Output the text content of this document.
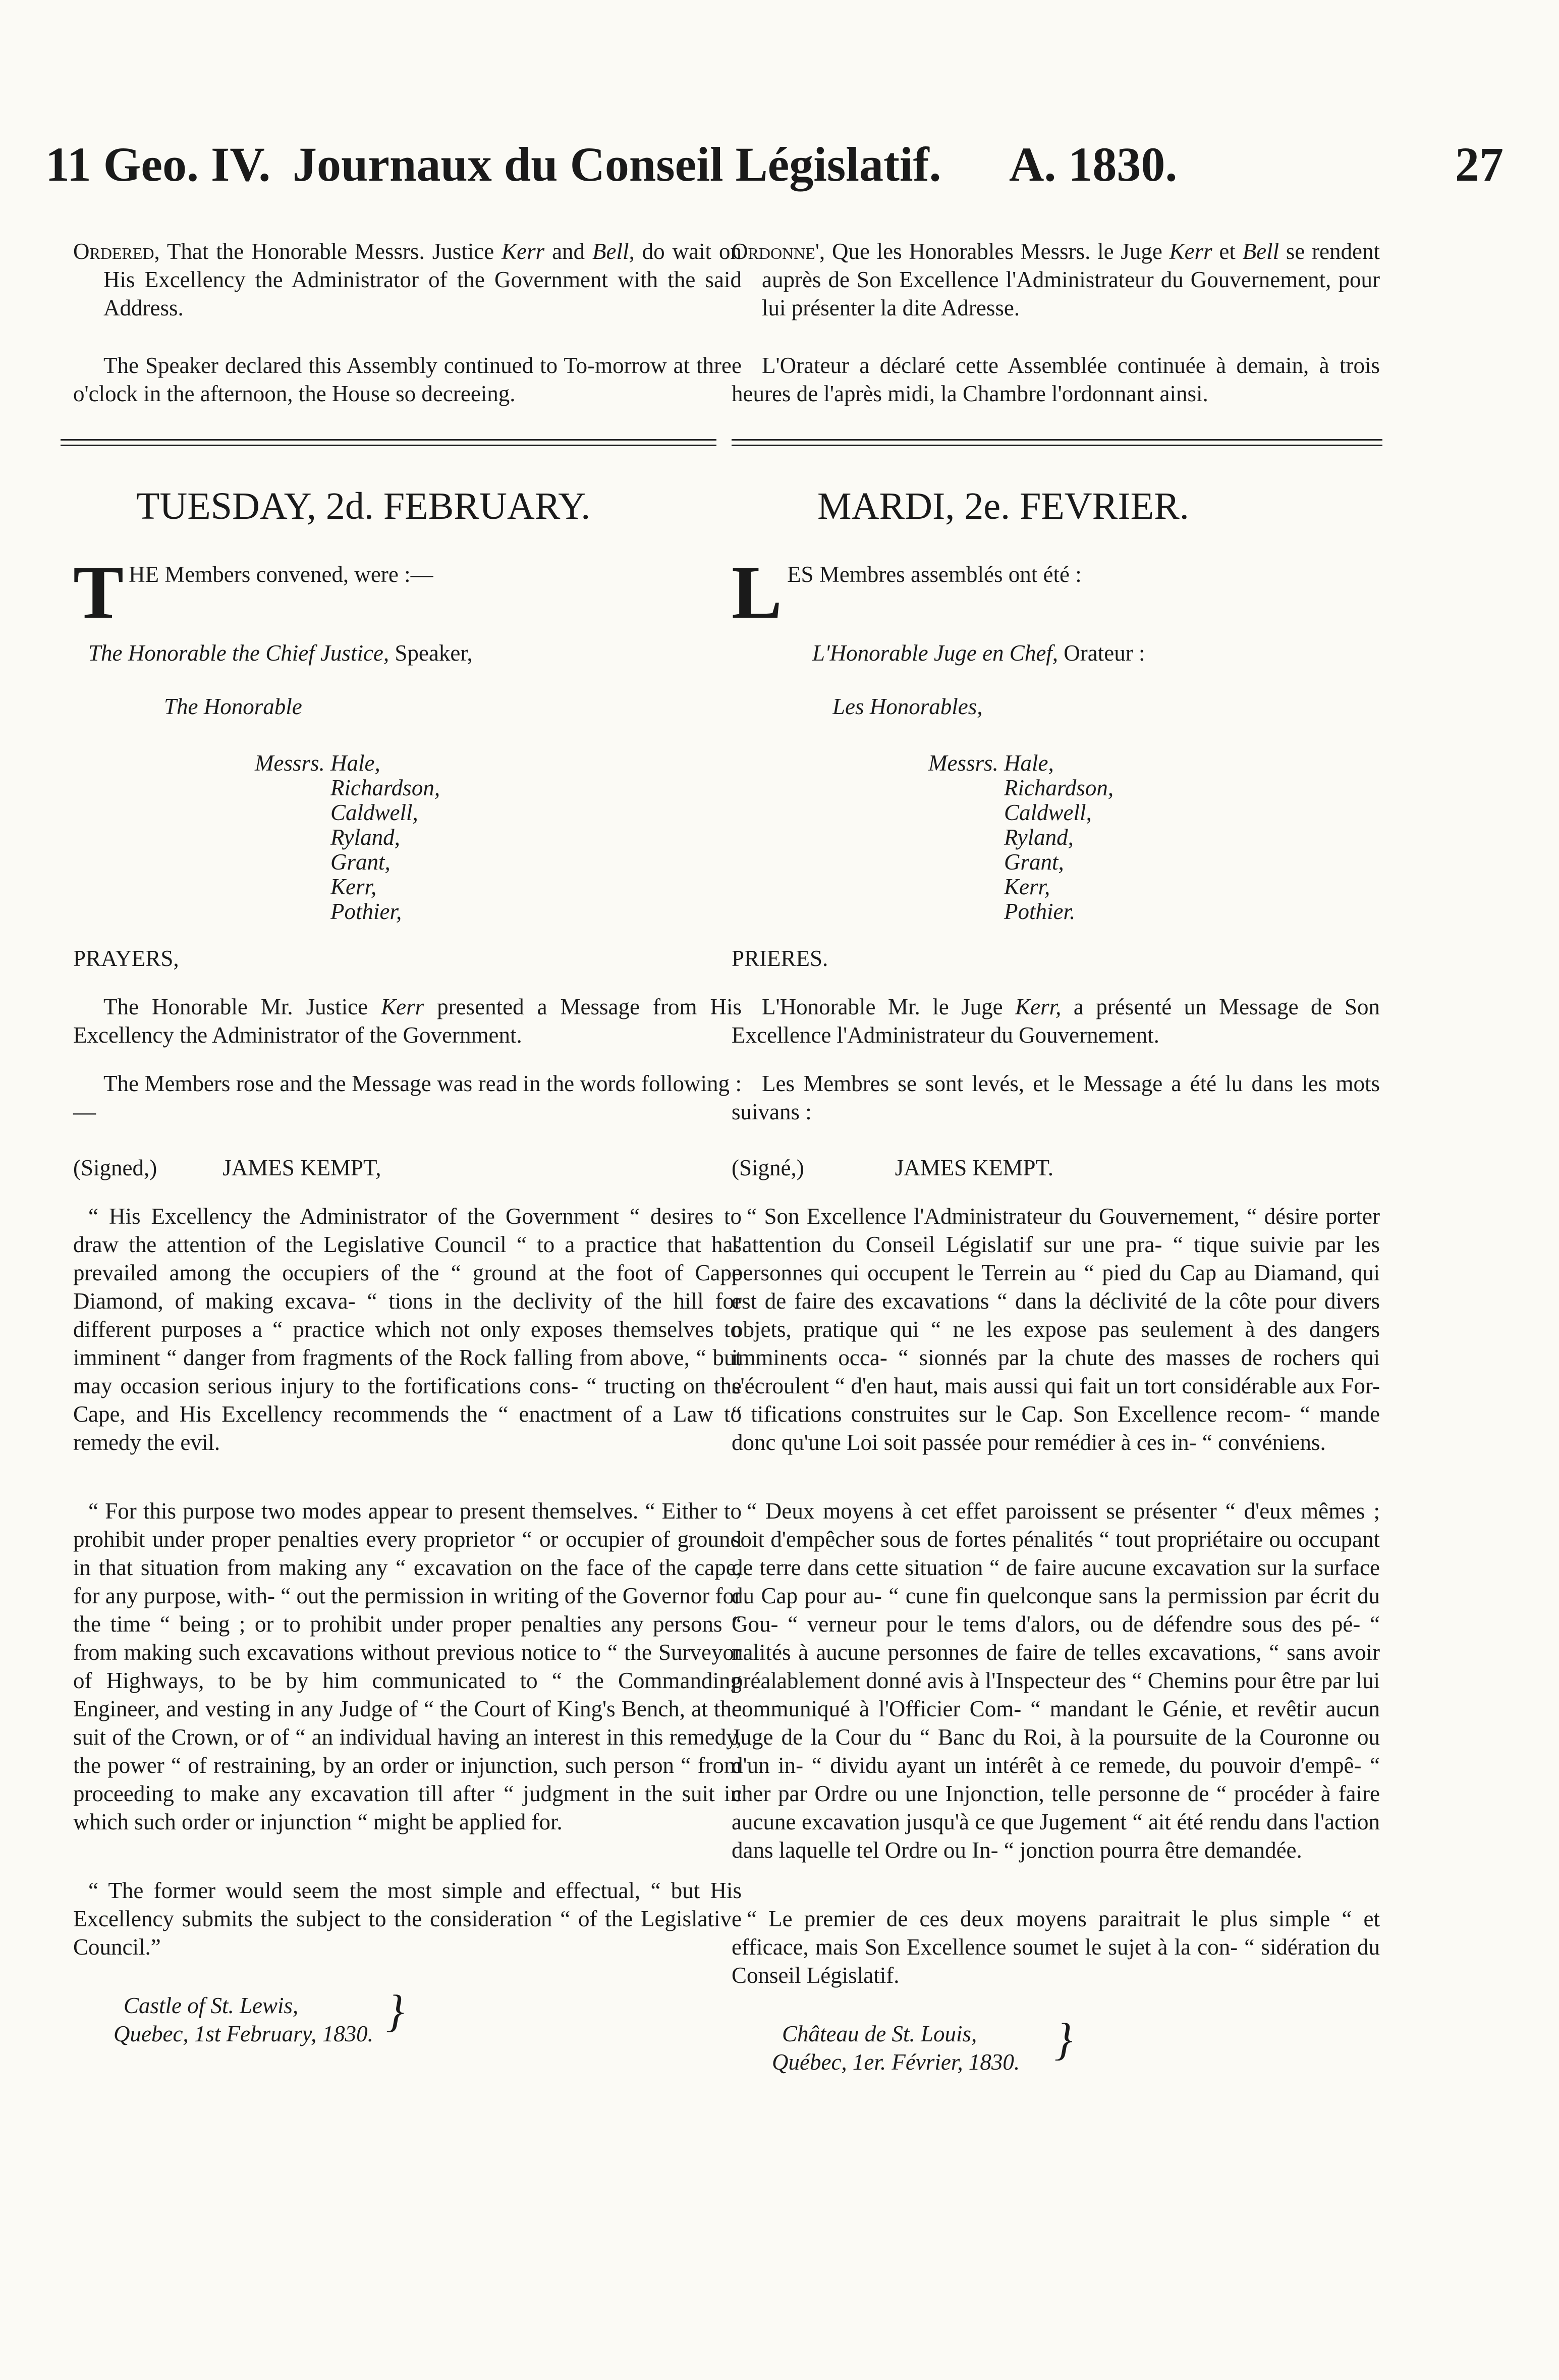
11 Geo. IV. Journaux du Conseil Législatif. A. 1830.	27

Ordered, That the Honorable Messrs. Justice Kerr and Bell, do wait on His Excellency the Administrator of the Government with the said Address.

The Speaker declared this Assembly continued to To-morrow at three o'clock in the afternoon, the House so decreeing.

TUESDAY, 2d. FEBRUARY.

THE Members convened, were :—

The Honorable the Chief Justice, Speaker,

The Honorable

Messrs. Hale,
Richardson,
Caldwell,
Ryland,
Grant,
Kerr,
Pothier,

PRAYERS,

The Honorable Mr. Justice Kerr presented a Message from His Excellency the Administrator of the Government.

The Members rose and the Message was read in the words following :—

(Signed,)	JAMES KEMPT,

“ His Excellency the Administrator of the Government “ desires to draw the attention of the Legislative Council “ to a practice that has prevailed among the occupiers of the “ ground at the foot of Cape Diamond, of making excava- “ tions in the declivity of the hill for different purposes a “ practice which not only exposes themselves to imminent “ danger from fragments of the Rock falling from above, “ but may occasion serious injury to the fortifications cons- “ tructing on the Cape, and His Excellency recommends the “ enactment of a Law to remedy the evil.

“ For this purpose two modes appear to present themselves. “ Either to prohibit under proper penalties every proprietor “ or occupier of ground in that situation from making any “ excavation on the face of the cape, for any purpose, with- “ out the permission in writing of the Governor for the time “ being ; or to prohibit under proper penalties any persons “ from making such excavations without previous notice to “ the Surveyor of Highways, to be by him communicated to “ the Commanding Engineer, and vesting in any Judge of “ the Court of King's Bench, at the suit of the Crown, or of “ an individual having an interest in this remedy, the power “ of restraining, by an order or injunction, such person “ from proceeding to make any excavation till after “ judgment in the suit in which such order or injunction “ might be applied for.

“ The former would seem the most simple and effectual, “ but His Excellency submits the subject to the consideration “ of the Legislative Council.”

Castle of St. Lewis,
Quebec, 1st February, 1830. }

Ordonne', Que les Honorables Messrs. le Juge Kerr et Bell se rendent auprès de Son Excellence l'Administrateur du Gouvernement, pour lui présenter la dite Adresse.

L'Orateur a déclaré cette Assemblée continuée à demain, à trois heures de l'après midi, la Chambre l'ordonnant ainsi.

MARDI, 2e. FEVRIER.

LES Membres assemblés ont été :

L'Honorable Juge en Chef, Orateur :

Les Honorables,

Messrs. Hale,
Richardson,
Caldwell,
Ryland,
Grant,
Kerr,
Pothier.

PRIERES.

L'Honorable Mr. le Juge Kerr, a présenté un Message de Son Excellence l'Administrateur du Gouvernement.

Les Membres se sont levés, et le Message a été lu dans les mots suivans :

(Signé,)	JAMES KEMPT.

“ Son Excellence l'Administrateur du Gouvernement, “ désire porter l'attention du Conseil Législatif sur une pra- “ tique suivie par les personnes qui occupent le Terrein au “ pied du Cap au Diamand, qui est de faire des excavations “ dans la déclivité de la côte pour divers objets, pratique qui “ ne les expose pas seulement à des dangers imminents occa- “ sionnés par la chute des masses de rochers qui s'écroulent “ d'en haut, mais aussi qui fait un tort considérable aux For- “ tifications construites sur le Cap. Son Excellence recom- “ mande donc qu'une Loi soit passée pour remédier à ces in- “ convéniens.

“ Deux moyens à cet effet paroissent se présenter “ d'eux mêmes ; soit d'empêcher sous de fortes pénalités “ tout propriétaire ou occupant de terre dans cette situation “ de faire aucune excavation sur la surface du Cap pour au- “ cune fin quelconque sans la permission par écrit du Gou- “ verneur pour le tems d'alors, ou de défendre sous des pé- “ nalités à aucune personnes de faire de telles excavations, “ sans avoir préalablement donné avis à l'Inspecteur des “ Chemins pour être par lui communiqué à l'Officier Com- “ mandant le Génie, et revêtir aucun Juge de la Cour du “ Banc du Roi, à la poursuite de la Couronne ou d'un in- “ dividu ayant un intérêt à ce remede, du pouvoir d'empê- “ cher par Ordre ou une Injonction, telle personne de “ procéder à faire aucune excavation jusqu'à ce que Jugement “ ait été rendu dans l'action dans laquelle tel Ordre ou In- “ jonction pourra être demandée.

“ Le premier de ces deux moyens paraitrait le plus simple “ et efficace, mais Son Excellence soumet le sujet à la con- “ sidération du Conseil Législatif.

Château de St. Louis,
Québec, 1er. Février, 1830. }
